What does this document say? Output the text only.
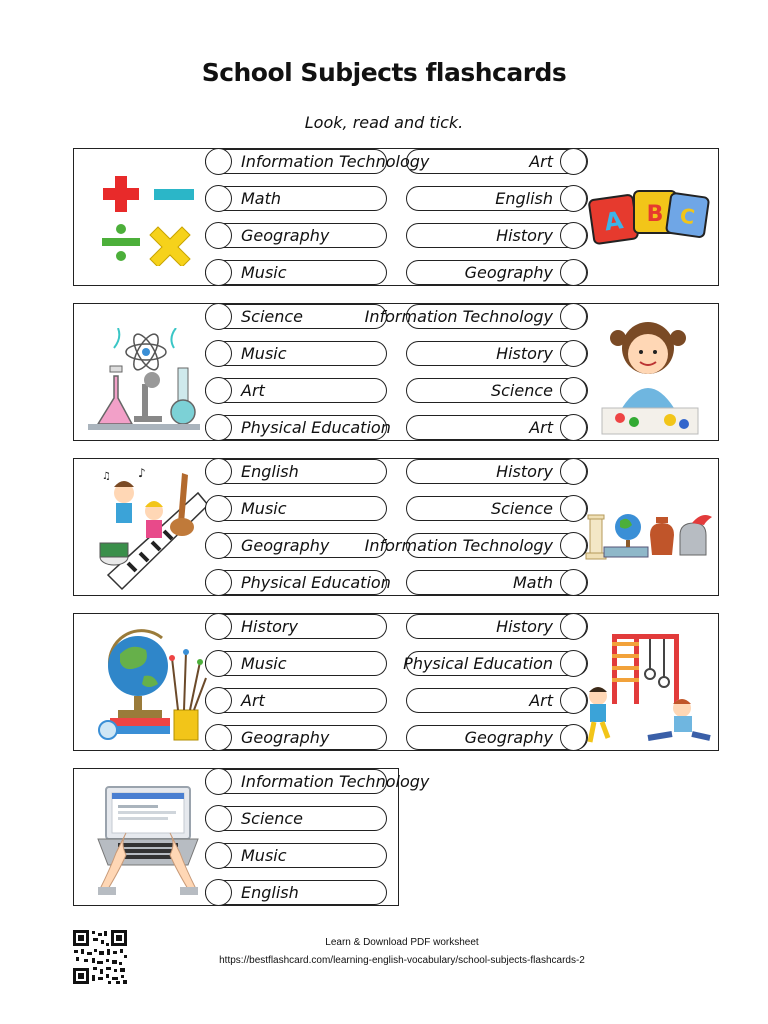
School Subjects flashcards
Look, read and tick.
A B C
Information Technology
Math
Geography
Music
Art
English
History
Geography
Science
Music
Art
Physical Education
Information Technology
History
Science
Art
♪
♫	English
Music
Geography
Physical Education
History
Science
Information Technology
Math
History
Music
Art
Geography
History
Physical Education
Art
Geography
Information Technology
Science
Music
English
Learn & Download PDF worksheet
https://bestflashcard.com/learning-english-vocabulary/school-subjects-flashcards-2
